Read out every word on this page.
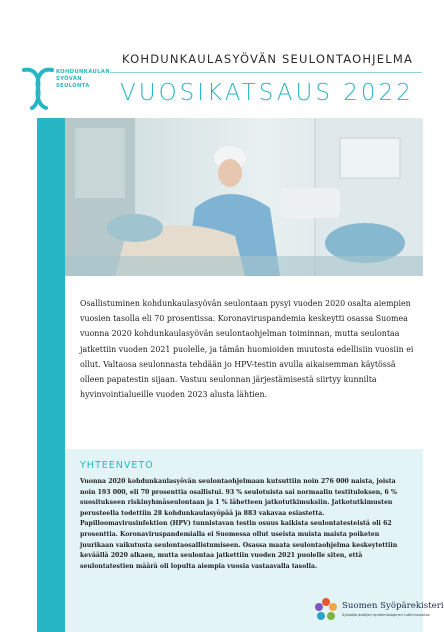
KOHDUNKAULAN
SYÖVÄN
SEULONTA
KOHDUNKAULASYÖVÄN SEULONTAOHJELMA
VUOSIKATSAUS 2022
Osallistuminen kohdunkaulasyövän seulontaan pysyi vuoden 2020 osalta aiempien vuosien tasolla eli 70 prosentissa. Koronaviruspandemia keskeytti osassa Suomea vuonna 2020 kohdunkaulasyövän seulontaohjelman toiminnan, mutta seulontaa jatkettiin vuoden 2021 puolelle, ja tämän huomioiden muutosta edellisiin vuosiin ei ollut. Valtaosa seulonnasta tehdään jo HPV-testin avulla aikaisemman käytössä olleen papatestin sijaan. Vastuu seulonnan järjestämisestä siirtyy kunnilta hyvinvointialueille vuoden 2023 alusta lähtien.
YHTEENVETO
Vuonna 2020 kohdunkaulasyövän seulontaohjelmaan kutsuttiin noin 276 000 naista, joista noin 193 000, eli 70 prosenttia osallistui. 93 % seulotuista sai normaalin testituloksen, 6 % suositukseen riskinyhmäseulontaan ja 1 % lähetteen jatkotutkimuksiin. Jatkotutkimusten perusteella todettiin 28 kohdunkaulasyöpää ja 883 vakavaa esiastetta. Papilloomavirusinfektion (HPV) tunnistavan testin osuus kaikista seulontatesteistä oli 62 prosenttia. Koronaviruspandemialla ei Suomessa ollut useista muista maista poiketen juurikaan vaikutusta seulontaosallistumiseen. Osassa maata seulontaohjelma keskeytettiin keväällä 2020 alkaen, mutta seulontaa jatkettiin vuoden 2021 puolelle siten, että seulontatestien määrä oli lopulta aiempia vuosia vastaavalla tasolla.
Suomen Syöpärekisteri
Syöpäjärjestöjen epidemiologinen tutkimuslaitos
